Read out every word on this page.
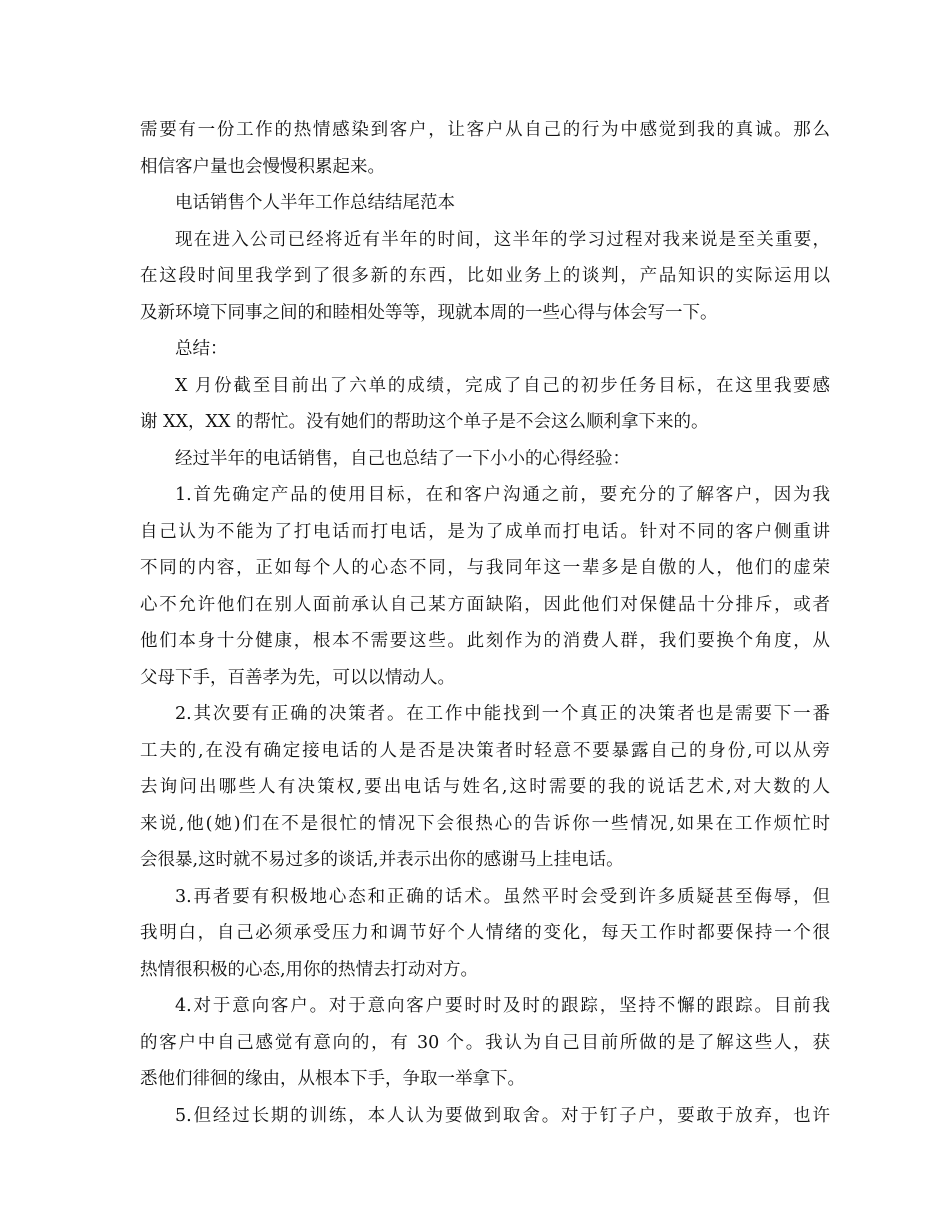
需要有一份工作的热情感染到客户，让客户从自己的行为中感觉到我的真诚。那么
相信客户量也会慢慢积累起来。
电话销售个人半年工作总结结尾范本
现在进入公司已经将近有半年的时间，这半年的学习过程对我来说是至关重要，
在这段时间里我学到了很多新的东西，比如业务上的谈判，产品知识的实际运用以
及新环境下同事之间的和睦相处等等，现就本周的一些心得与体会写一下。
总结：
X 月份截至目前出了六单的成绩，完成了自己的初步任务目标，在这里我要感
谢 XX，XX 的帮忙。没有她们的帮助这个单子是不会这么顺利拿下来的。
经过半年的电话销售，自己也总结了一下小小的心得经验：
1.首先确定产品的使用目标，在和客户沟通之前，要充分的了解客户，因为我
自己认为不能为了打电话而打电话，是为了成单而打电话。针对不同的客户侧重讲
不同的内容，正如每个人的心态不同，与我同年这一辈多是自傲的人，他们的虚荣
心不允许他们在别人面前承认自己某方面缺陷，因此他们对保健品十分排斥，或者
他们本身十分健康，根本不需要这些。此刻作为的消费人群，我们要换个角度，从
父母下手，百善孝为先，可以以情动人。
2.其次要有正确的决策者。在工作中能找到一个真正的决策者也是需要下一番
工夫的,在没有确定接电话的人是否是决策者时轻意不要暴露自己的身份,可以从旁
去询问出哪些人有决策权,要出电话与姓名,这时需要的我的说话艺术,对大数的人
来说,他(她)们在不是很忙的情况下会很热心的告诉你一些情况,如果在工作烦忙时
会很暴,这时就不易过多的谈话,并表示出你的感谢马上挂电话。
3.再者要有积极地心态和正确的话术。虽然平时会受到许多质疑甚至侮辱，但
我明白，自己必须承受压力和调节好个人情绪的变化，每天工作时都要保持一个很
热情很积极的心态,用你的热情去打动对方。
4.对于意向客户。对于意向客户要时时及时的跟踪，坚持不懈的跟踪。目前我
的客户中自己感觉有意向的，有 30 个。我认为自己目前所做的是了解这些人，获
悉他们徘徊的缘由，从根本下手，争取一举拿下。
5.但经过长期的训练，本人认为要做到取舍。对于钉子户，要敢于放弃，也许
